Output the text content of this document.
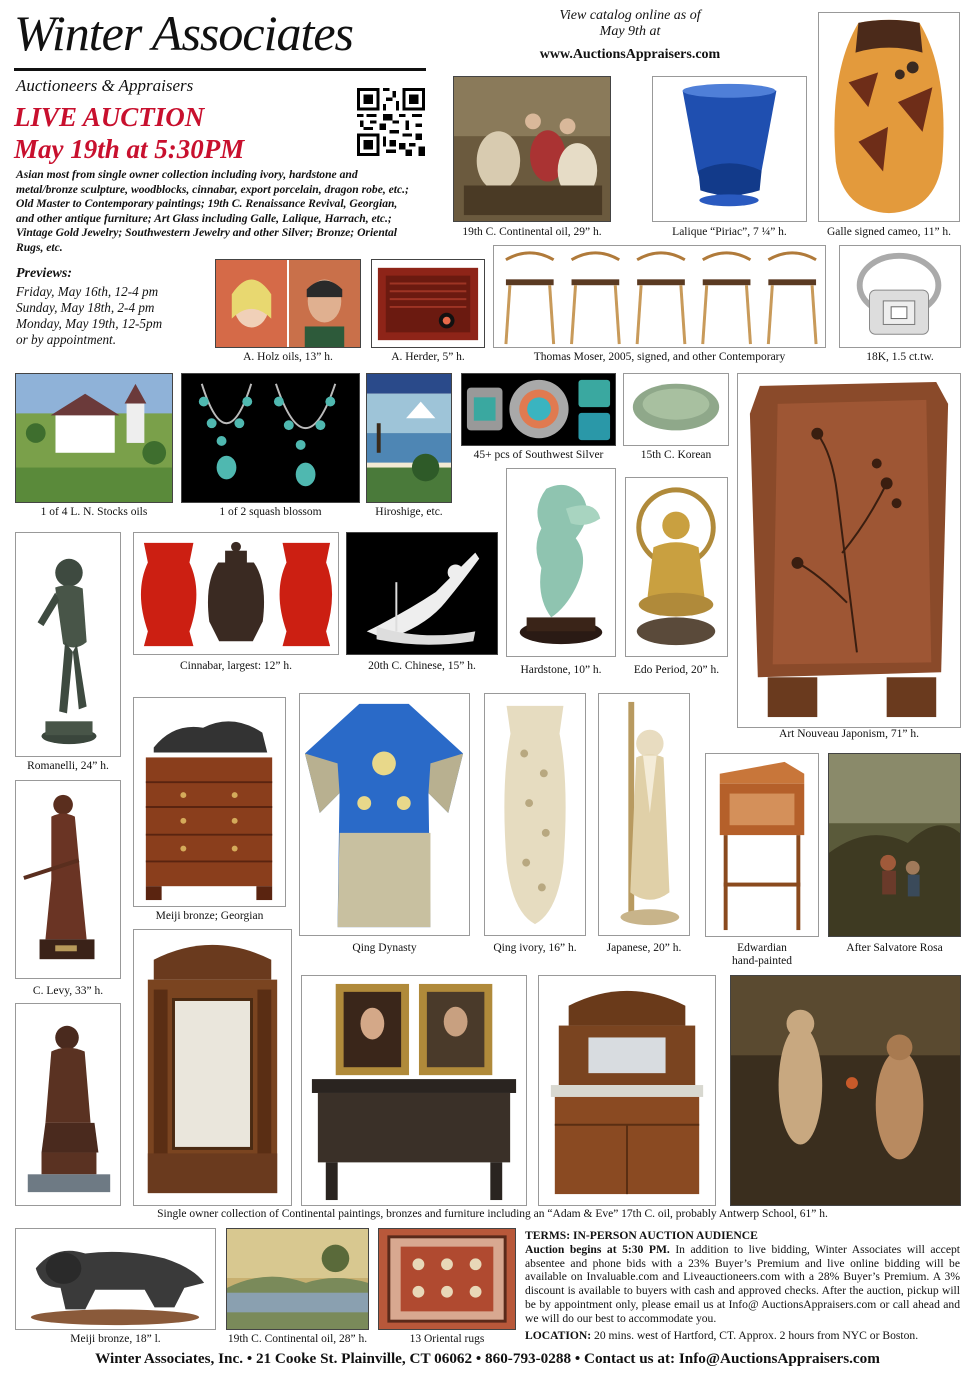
Winter Associates
Auctioneers & Appraisers
LIVE AUCTION
May 19th at 5:30PM
Asian most from single owner collection including ivory, hardstone and metal/bronze sculpture, woodblocks, cinnabar, export porcelain, dragon robe, etc.; Old Master to Contemporary paintings; 19th C. Renaissance Revival, Georgian, and other antique furniture; Art Glass including Galle, Lalique, Harrach, etc.; Vintage Gold Jewelry; Southwestern Jewelry and other Silver; Bronze; Oriental Rugs, etc.
Previews:
Friday, May 16th, 12-4 pm
Sunday, May 18th, 2-4 pm
Monday, May 19th, 12-5pm
or by appointment.
View catalog online as of
May 9th at
www.AuctionsAppraisers.com
19th C. Continental oil, 29” h.	Lalique “Piriac”, 7 ¼” h.	Galle signed cameo, 11” h.
A. Holz oils, 13” h.	A. Herder, 5” h.	Thomas Moser, 2005, signed, and other Contemporary	18K, 1.5 ct.tw.
1 of 4 L. N. Stocks oils	1 of 2 squash blossom	Hiroshige, etc.
45+ pcs of Southwest Silver	15th C. Korean
Art Nouveau Japonism, 71” h.
Romanelli, 24” h.
Cinnabar, largest: 12” h.	20th C. Chinese, 15” h.	Hardstone, 10” h.	Edo Period, 20” h.
Meiji bronze; Georgian
Qing Dynasty	Qing ivory, 16” h.	Japanese, 20” h.	Edwardian
hand-painted
After Salvatore Rosa
C. Levy, 33” h.
Single owner collection of Continental paintings, bronzes and furniture including an “Adam & Eve” 17th C. oil, probably Antwerp School, 61” h.
Meiji bronze, 18” l.	19th C. Continental oil, 28” h.	13 Oriental rugs
TERMS: IN-PERSON AUCTION AUDIENCE
Auction begins at 5:30 PM. In addition to live bidding, Winter Associates will accept absentee and phone bids with a 23% Buyer’s Premium and live online bidding will be available on Invaluable.com and Liveauctioneers.com with a 28% Buyer’s Premium. A 3% discount is available to buyers with cash and approved checks. After the auction, pickup will be by appointment only, please email us at Info@ AuctionsAppraisers.com or call ahead and we will do our best to accommodate you.
LOCATION: 20 mins. west of Hartford, CT. Approx. 2 hours from NYC or Boston.
Winter Associates, Inc. • 21 Cooke St. Plainville, CT 06062 • 860-793-0288 • Contact us at: Info@AuctionsAppraisers.com
